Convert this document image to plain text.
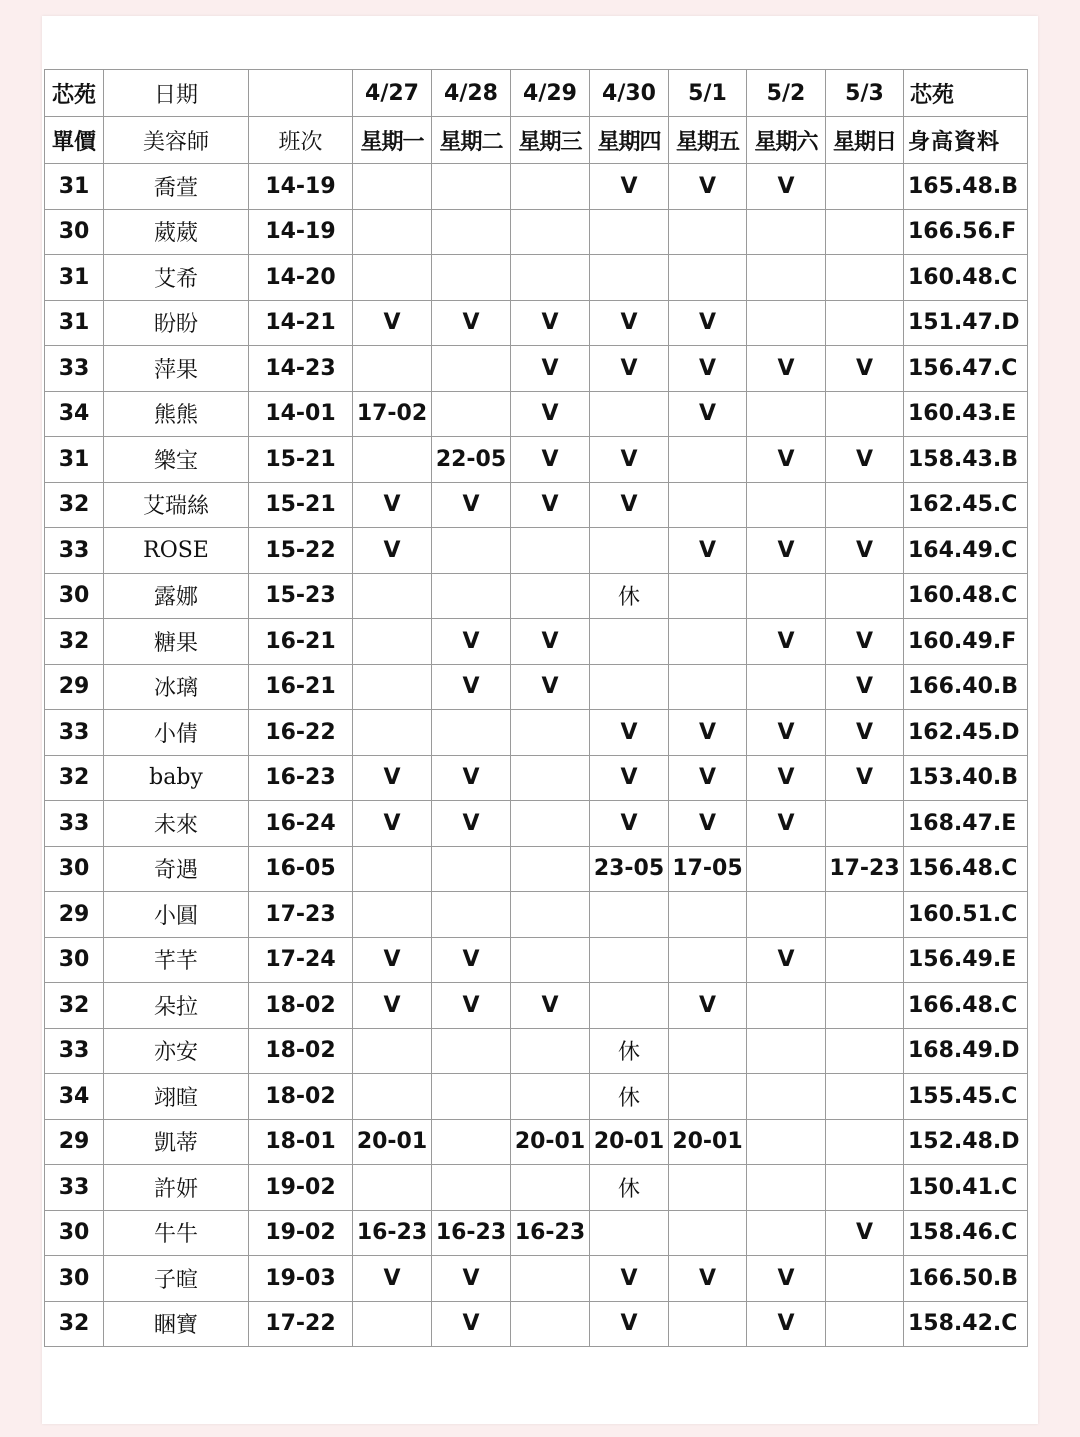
芯苑	日期		4/27	4/28	4/29	4/30	5/1	5/2	5/3	芯苑
單價	美容師	班次	星期一	星期二	星期三	星期四	星期五	星期六	星期日	身高資料
31	喬萱	14-19				V	V	V		165.48.B
30	葳葳	14-19								166.56.F
31	艾希	14-20								160.48.C
31	盼盼	14-21	V	V	V	V	V			151.47.D
33	萍果	14-23			V	V	V	V	V	156.47.C
34	熊熊	14-01	17-02		V		V			160.43.E
31	樂宝	15-21		22-05	V	V		V	V	158.43.B
32	艾瑞絲	15-21	V	V	V	V				162.45.C
33	ROSE	15-22	V				V	V	V	164.49.C
30	露娜	15-23				休				160.48.C
32	糖果	16-21		V	V			V	V	160.49.F
29	冰璃	16-21		V	V				V	166.40.B
33	小倩	16-22				V	V	V	V	162.45.D
32	baby	16-23	V	V		V	V	V	V	153.40.B
33	未來	16-24	V	V		V	V	V		168.47.E
30	奇遇	16-05				23-05	17-05		17-23	156.48.C
29	小圓	17-23								160.51.C
30	芊芊	17-24	V	V				V		156.49.E
32	朵拉	18-02	V	V	V		V			166.48.C
33	亦安	18-02				休				168.49.D
34	翊暄	18-02				休				155.45.C
29	凱蒂	18-01	20-01		20-01	20-01	20-01			152.48.D
33	許妍	19-02				休				150.41.C
30	牛牛	19-02	16-23	16-23	16-23				V	158.46.C
30	子暄	19-03	V	V		V	V	V		166.50.B
32	睏寶	17-22		V		V		V		158.42.C
